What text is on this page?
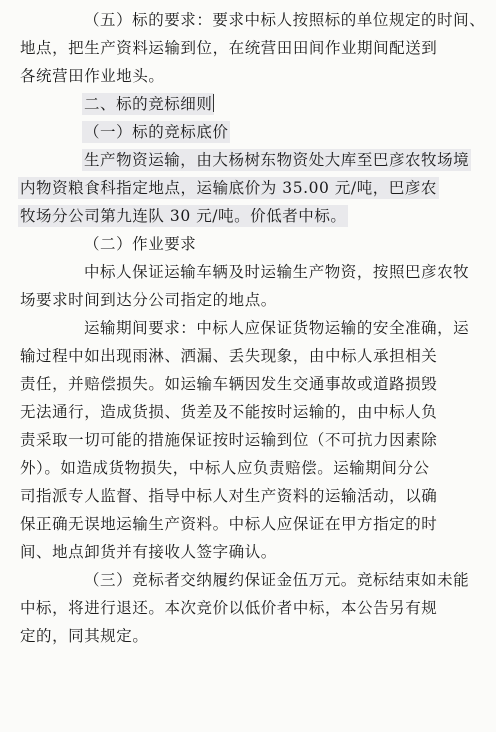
（五）标的要求：要求中标人按照标的单位规定的时间、
地点，把生产资料运输到位，在统营田田间作业期间配送到
各统营田作业地头。
二、标的竞标细则
（一）标的竞标底价
生产物资运输，由大杨树东物资处大库至巴彦农牧场境
内物资粮食科指定地点，运输底价为 35.00 元/吨，巴彦农
牧场分公司第九连队 30 元/吨。价低者中标。
（二）作业要求
中标人保证运输车辆及时运输生产物资，按照巴彦农牧
场要求时间到达分公司指定的地点。
运输期间要求：中标人应保证货物运输的安全准确，运
输过程中如出现雨淋、洒漏、丢失现象，由中标人承担相关
责任，并赔偿损失。如运输车辆因发生交通事故或道路损毁
无法通行，造成货损、货差及不能按时运输的，由中标人负
责采取一切可能的措施保证按时运输到位（不可抗力因素除
外）。如造成货物损失，中标人应负责赔偿。运输期间分公
司指派专人监督、指导中标人对生产资料的运输活动，以确
保正确无误地运输生产资料。中标人应保证在甲方指定的时
间、地点卸货并有接收人签字确认。
（三）竞标者交纳履约保证金伍万元。竞标结束如未能
中标，将进行退还。本次竞价以低价者中标，本公告另有规
定的，同其规定。
